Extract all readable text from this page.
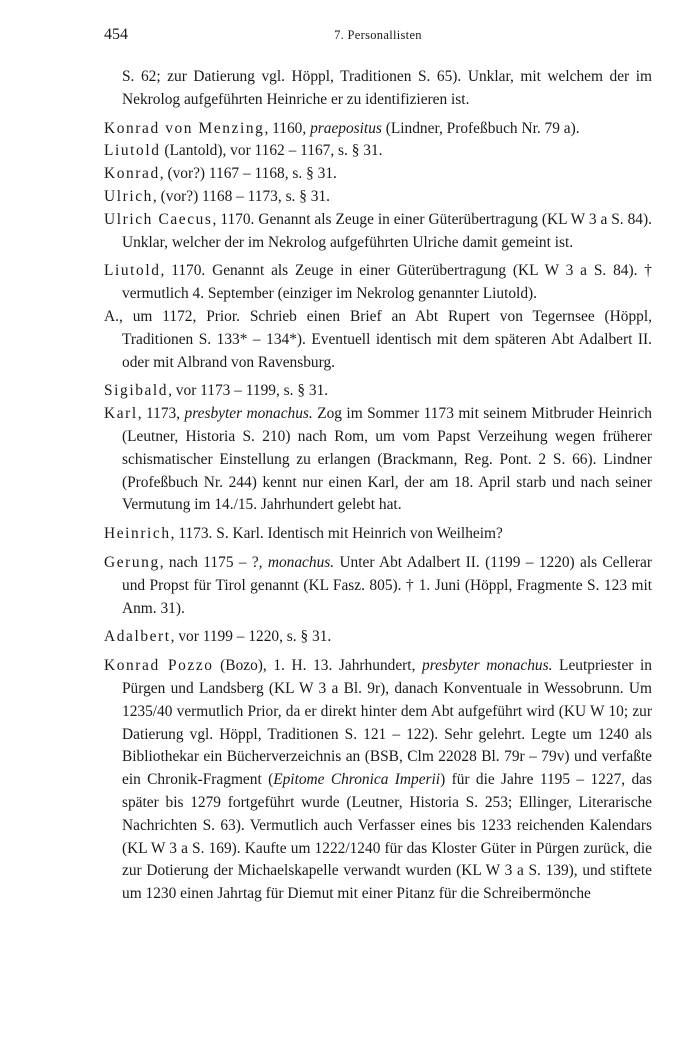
454	7. Personallisten

S. 62; zur Datierung vgl. Höppl, Traditionen S. 65). Unklar, mit welchem der im Nekrolog aufgeführten Heinriche er zu identifizieren ist.

Konrad von Menzing, 1160, praepositus (Lindner, Profeßbuch Nr. 79 a).

Liutold (Lantold), vor 1162 – 1167, s. § 31.

Konrad, (vor?) 1167 – 1168, s. § 31.

Ulrich, (vor?) 1168 – 1173, s. § 31.

Ulrich Caecus, 1170. Genannt als Zeuge in einer Güterübertragung (KL W 3 a S. 84). Unklar, welcher der im Nekrolog aufgeführten Ulriche damit gemeint ist.

Liutold, 1170. Genannt als Zeuge in einer Güterübertragung (KL W 3 a S. 84). † vermutlich 4. September (einziger im Nekrolog genannter Liutold).

A., um 1172, Prior. Schrieb einen Brief an Abt Rupert von Tegernsee (Höppl, Traditionen S. 133* – 134*). Eventuell identisch mit dem späteren Abt Adalbert II. oder mit Albrand von Ravensburg.

Sigibald, vor 1173 – 1199, s. § 31.

Karl, 1173, presbyter monachus. Zog im Sommer 1173 mit seinem Mitbruder Heinrich (Leutner, Historia S. 210) nach Rom, um vom Papst Verzeihung wegen früherer schismatischer Einstellung zu erlangen (Brackmann, Reg. Pont. 2 S. 66). Lindner (Profeßbuch Nr. 244) kennt nur einen Karl, der am 18. April starb und nach seiner Vermutung im 14./15. Jahrhundert gelebt hat.

Heinrich, 1173. S. Karl. Identisch mit Heinrich von Weilheim?

Gerung, nach 1175 – ?, monachus. Unter Abt Adalbert II. (1199 – 1220) als Cellerar und Propst für Tirol genannt (KL Fasz. 805). † 1. Juni (Höppl, Fragmente S. 123 mit Anm. 31).

Adalbert, vor 1199 – 1220, s. § 31.

Konrad Pozzo (Bozo), 1. H. 13. Jahrhundert, presbyter monachus. Leutpriester in Pürgen und Landsberg (KL W 3 a Bl. 9r), danach Konventuale in Wessobrunn. Um 1235/40 vermutlich Prior, da er direkt hinter dem Abt aufgeführt wird (KU W 10; zur Datierung vgl. Höppl, Traditionen S. 121 – 122). Sehr gelehrt. Legte um 1240 als Bibliothekar ein Bücherverzeichnis an (BSB, Clm 22028 Bl. 79r – 79v) und verfaßte ein Chronik-Fragment (Epitome Chronica Imperii) für die Jahre 1195 – 1227, das später bis 1279 fortgeführt wurde (Leutner, Historia S. 253; Ellinger, Literarische Nachrichten S. 63). Vermutlich auch Verfasser eines bis 1233 reichenden Kalendars (KL W 3 a S. 169). Kaufte um 1222/1240 für das Kloster Güter in Pürgen zurück, die zur Dotierung der Michaelskapelle verwandt wurden (KL W 3 a S. 139), und stiftete um 1230 einen Jahrtag für Diemut mit einer Pitanz für die Schreibermönche
